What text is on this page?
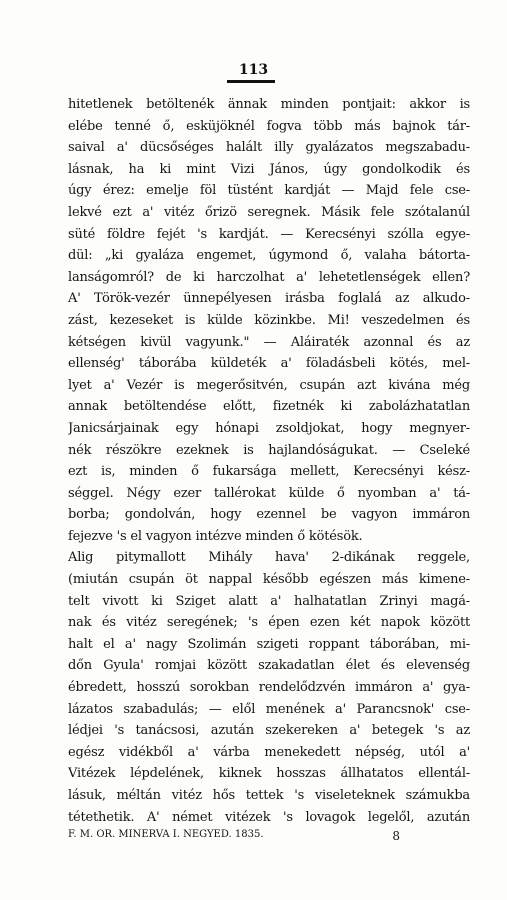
113
hitetlenek betöltenék ännak minden pontjait: akkor is
elébe tenné ő, esküjöknél fogva több más bajnok tár-
saival a' dücsőséges halált illy gyalázatos megszabadu-
lásnak, ha ki mint Vizi János, úgy gondolkodik és
úgy érez: emelje föl tüstént kardját — Majd fele cse-
lekvé ezt a' vitéz őrizö seregnek. Másik fele szótalanúl
süté földre fejét 's kardját. — Kerecsényi szólla egye-
dül: „ki gyaláza engemet, úgymond ő, valaha bátorta-
lanságomról? de ki harczolhat a' lehetetlenségek ellen?
A' Török-vezér ünnepélyesen irásba foglalá az alkudo-
zást, kezeseket is külde közinkbe. Mi! veszedelmen és
kétségen kivül vagyunk." — Aláiraték azonnal és az
ellenség' táborába küldeték a' föladásbeli kötés, mel-
lyet a' Vezér is megerősitvén, csupán azt kivána még
annak betöltendése előtt, fizetnék ki zabolázhatatlan
Janicsárjainak egy hónapi zsoldjokat, hogy megnyer-
nék részökre ezeknek is hajlandóságukat. — Cseleké
ezt is, minden ő fukarsága mellett, Kerecsényi kész-
séggel. Négy ezer tallérokat külde ő nyomban a' tá-
borba; gondolván, hogy ezennel be vagyon immáron
fejezve 's el vagyon intézve minden ő kötésök.
Alig pitymallott Mihály hava' 2-dikának reggele,
(miután csupán öt nappal később egészen más kimene-
telt vivott ki Sziget alatt a' halhatatlan Zrinyi magá-
nak és vitéz seregének; 's épen ezen két napok között
halt el a' nagy Szolimán szigeti roppant táborában, mi-
dőn Gyula' romjai között szakadatlan élet és elevenség
ébredett, hosszú sorokban rendelődzvén immáron a' gya-
lázatos szabadulás; — elől menének a' Parancsnok' cse-
lédjei 's tanácsosi, azután szekereken a' betegek 's az
egész vidékből a' várba menekedett népség, utól a'
Vitézek lépdelének, kiknek hosszas állhatatos ellentál-
lásuk, méltán vitéz hős tettek 's viseleteknek számukba
tétethetik. A' német vitézek 's lovagok legelől, azután
F. M. OR. MINERVA I. NEGYED. 1835.	8
